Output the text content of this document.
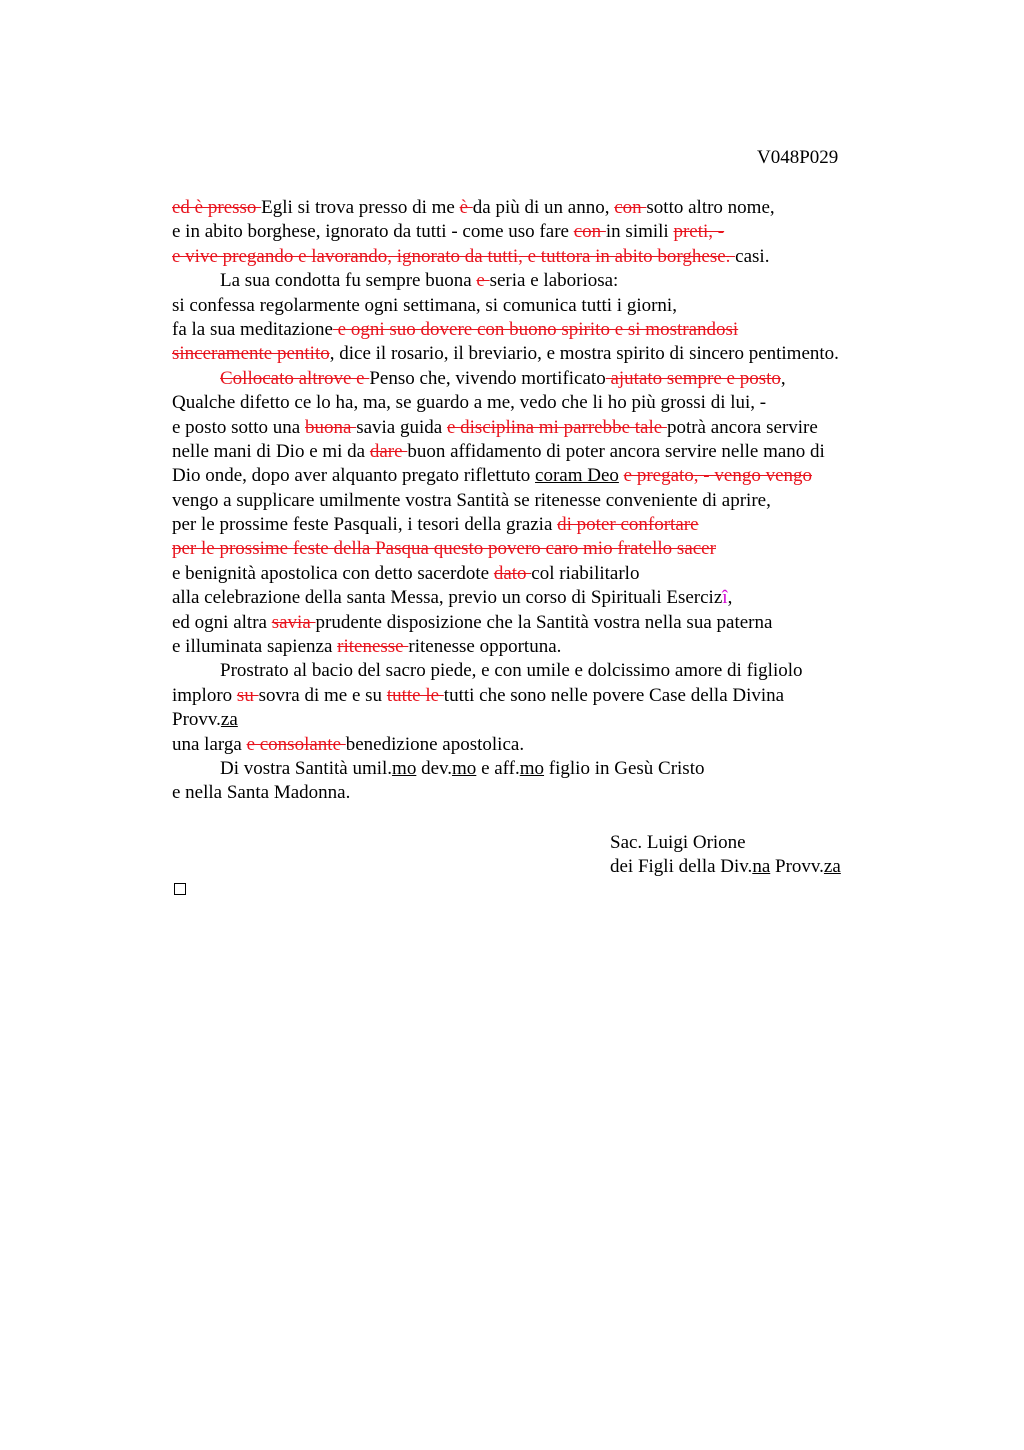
V048P029
ed è presso Egli si trova presso di me è da più di un anno, con sotto altro nome,
e in abito borghese, ignorato da tutti - come uso fare con in simili preti, -
e vive pregando e lavorando, ignorato da tutti, e tuttora in abito borghese. casi.
La sua condotta fu sempre buona e seria e laboriosa:
si confessa regolarmente ogni settimana, si comunica tutti i giorni,
fa la sua meditazione e ogni suo dovere con buono spirito e si mostrandosi
sinceramente pentito, dice il rosario, il breviario, e mostra spirito di sincero pentimento.
Collocato altrove e Penso che, vivendo mortificato ajutato sempre e posto,
Qualche difetto ce lo ha, ma, se guardo a me, vedo che li ho più grossi di lui, -
e posto sotto una buona savia guida e disciplina mi parrebbe tale potrà ancora servire
nelle mani di Dio e mi da dare buon affidamento di poter ancora servire nelle mano di
Dio onde, dopo aver alquanto pregato riflettuto coram Deo e pregato, - vengo vengo
vengo a supplicare umilmente vostra Santità se ritenesse conveniente di aprire,
per le prossime feste Pasquali, i tesori della grazia di poter confortare
per le prossime feste della Pasqua questo povero caro mio fratello sacer
e benignità apostolica con detto sacerdote dato col riabilitarlo
alla celebrazione della santa Messa, previo un corso di Spirituali Esercizî,
ed ogni altra savia prudente disposizione che la Santità vostra nella sua paterna
e illuminata sapienza ritenesse ritenesse opportuna.
Prostrato al bacio del sacro piede, e con umile e dolcissimo amore di figliolo
imploro su sovra di me e su tutte le tutti che sono nelle povere Case della Divina
Provv.za
una larga e consolante benedizione apostolica.
Di vostra Santità umil.mo dev.mo e aff.mo figlio in Gesù Cristo
e nella Santa Madonna.
Sac. Luigi Orione
dei Figli della Div.na Provv.za
